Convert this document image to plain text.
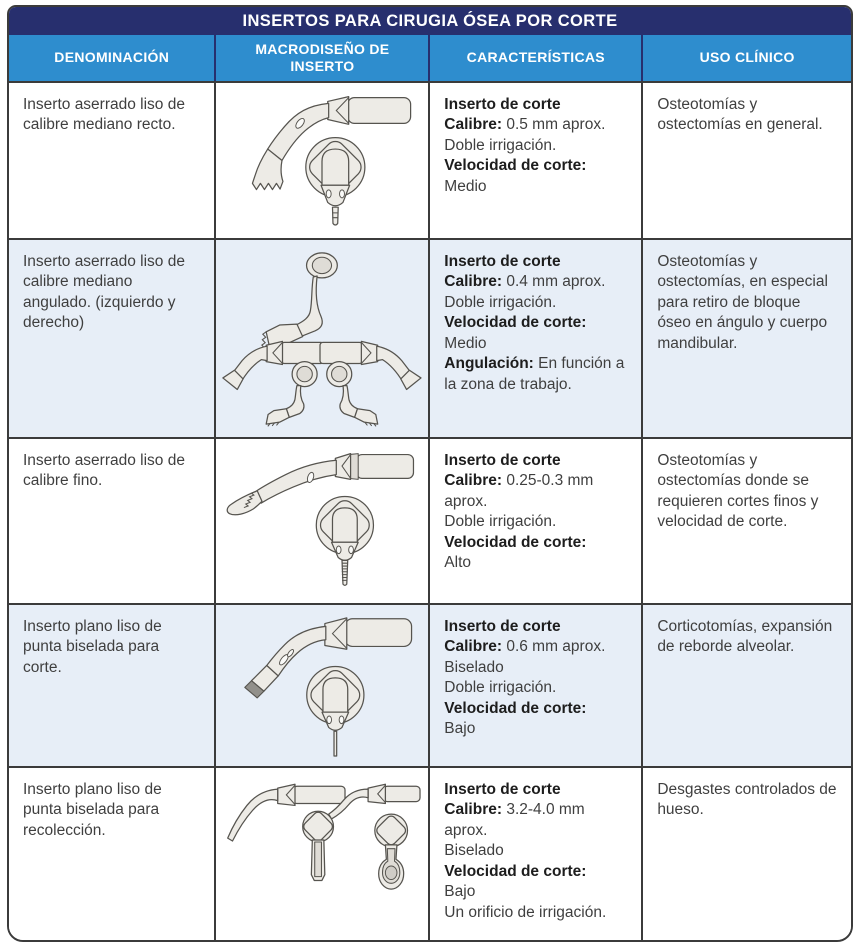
INSERTOS PARA CIRUGIA ÓSEA POR CORTE
DENOMINACIÓN
MACRODISEÑO DE INSERTO
CARACTERÍSTICAS	USO CLÍNICO
Inserto aserrado liso de calibre mediano recto.
Inserto de corte
Calibre: 0.5 mm aprox.
Doble irrigación.
Velocidad de corte:
Medio
Osteotomías y ostectomías en general.
Inserto aserrado liso de calibre mediano angulado. (izquierdo y derecho)
Inserto de corte
Calibre: 0.4 mm aprox.
Doble irrigación.
Velocidad de corte:
Medio
Angulación: En función a la zona de trabajo.
Osteotomías y ostectomías, en especial para retiro de bloque óseo en ángulo y cuerpo mandibular.
Inserto aserrado liso de calibre fino.
Inserto de corte
Calibre: 0.25-0.3 mm aprox.
Doble irrigación.
Velocidad de corte:
Alto
Osteotomías y ostectomías donde se requieren cortes finos y velocidad de corte.
Inserto plano liso de punta biselada para corte.
Inserto de corte
Calibre: 0.6 mm aprox.
Biselado
Doble irrigación.
Velocidad de corte:
Bajo
Corticotomías, expansión de reborde alveolar.
Inserto plano liso de punta biselada para recolección.
Inserto de corte
Calibre: 3.2-4.0 mm aprox.
Biselado
Velocidad de corte:
Bajo
Un orificio de irrigación.
Desgastes controlados de hueso.
